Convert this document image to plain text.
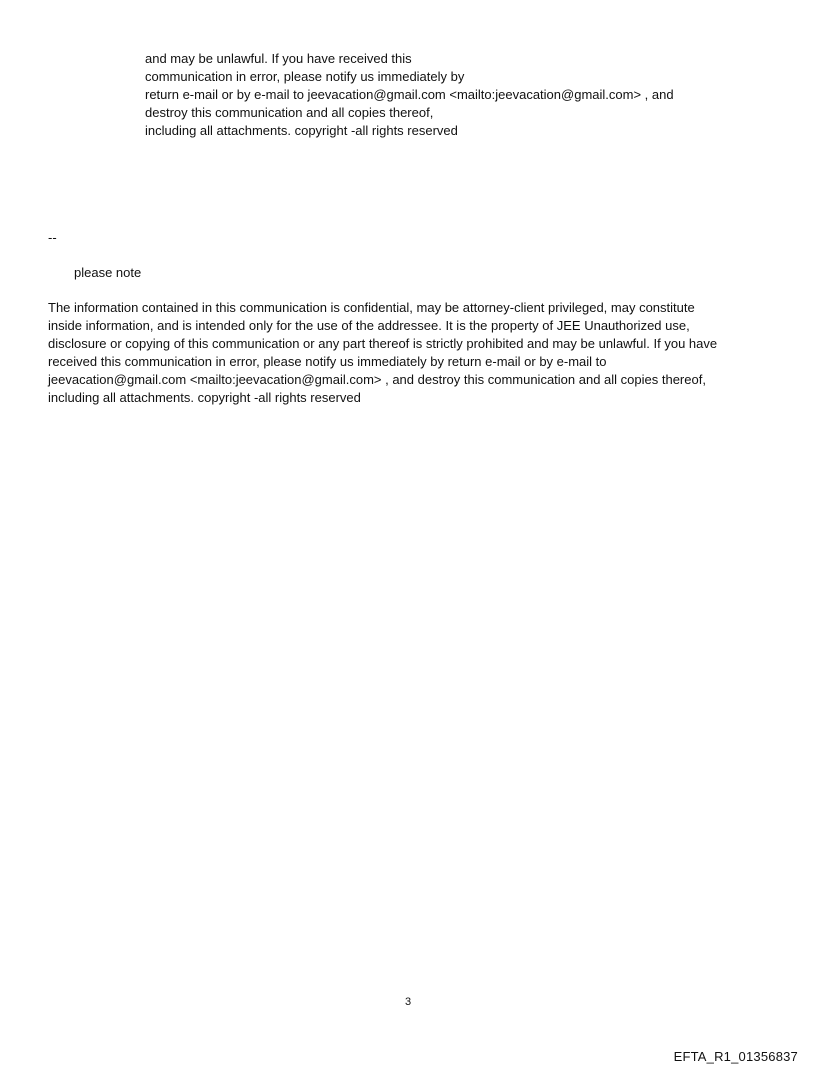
and may be unlawful. If you have received this
communication in error, please notify us immediately by
return e-mail or by e-mail to jeevacation@gmail.com <mailto:jeevacation@gmail.com> , and
destroy this communication and all copies thereof,
including all attachments. copyright -all rights reserved
--
please note
The information contained in this communication is confidential, may be attorney-client privileged, may constitute
inside information, and is intended only for the use of the addressee. It is the property of JEE Unauthorized use,
disclosure or copying of this communication or any part thereof is strictly prohibited and may be unlawful. If you have
received this communication in error, please notify us immediately by return e-mail or by e-mail to
jeevacation@gmail.com <mailto:jeevacation@gmail.com> , and destroy this communication and all copies thereof,
including all attachments. copyright -all rights reserved
3
EFTA_R1_01356837
